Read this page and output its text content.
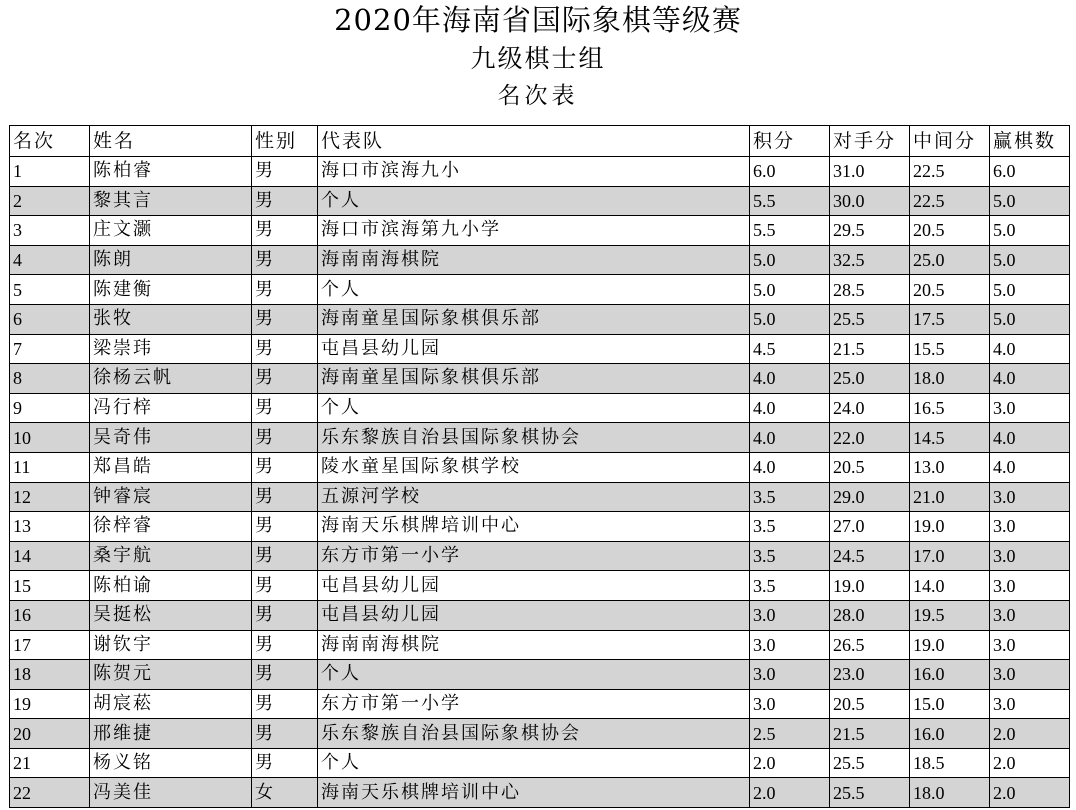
2020年海南省国际象棋等级赛
九级棋士组
名次表
名次	姓名	性别	代表队	积分	对手分	中间分	赢棋数
1	陈柏睿	男	海口市滨海九小	6.0	31.0	22.5	6.0
2	黎其言	男	个人	5.5	30.0	22.5	5.0
3	庄文灏	男	海口市滨海第九小学	5.5	29.5	20.5	5.0
4	陈朗	男	海南南海棋院	5.0	32.5	25.0	5.0
5	陈建衡	男	个人	5.0	28.5	20.5	5.0
6	张牧	男	海南童星国际象棋俱乐部	5.0	25.5	17.5	5.0
7	梁崇玮	男	屯昌县幼儿园	4.5	21.5	15.5	4.0
8	徐杨云帆	男	海南童星国际象棋俱乐部	4.0	25.0	18.0	4.0
9	冯行梓	男	个人	4.0	24.0	16.5	3.0
10	吴奇伟	男	乐东黎族自治县国际象棋协会	4.0	22.0	14.5	4.0
11	郑昌皓	男	陵水童星国际象棋学校	4.0	20.5	13.0	4.0
12	钟睿宸	男	五源河学校	3.5	29.0	21.0	3.0
13	徐梓睿	男	海南天乐棋牌培训中心	3.5	27.0	19.0	3.0
14	桑宇航	男	东方市第一小学	3.5	24.5	17.0	3.0
15	陈柏谕	男	屯昌县幼儿园	3.5	19.0	14.0	3.0
16	吴挺松	男	屯昌县幼儿园	3.0	28.0	19.5	3.0
17	谢钦宇	男	海南南海棋院	3.0	26.5	19.0	3.0
18	陈贺元	男	个人	3.0	23.0	16.0	3.0
19	胡宸菘	男	东方市第一小学	3.0	20.5	15.0	3.0
20	邢维捷	男	乐东黎族自治县国际象棋协会	2.5	21.5	16.0	2.0
21	杨义铭	男	个人	2.0	25.5	18.5	2.0
22	冯美佳	女	海南天乐棋牌培训中心	2.0	25.5	18.0	2.0
